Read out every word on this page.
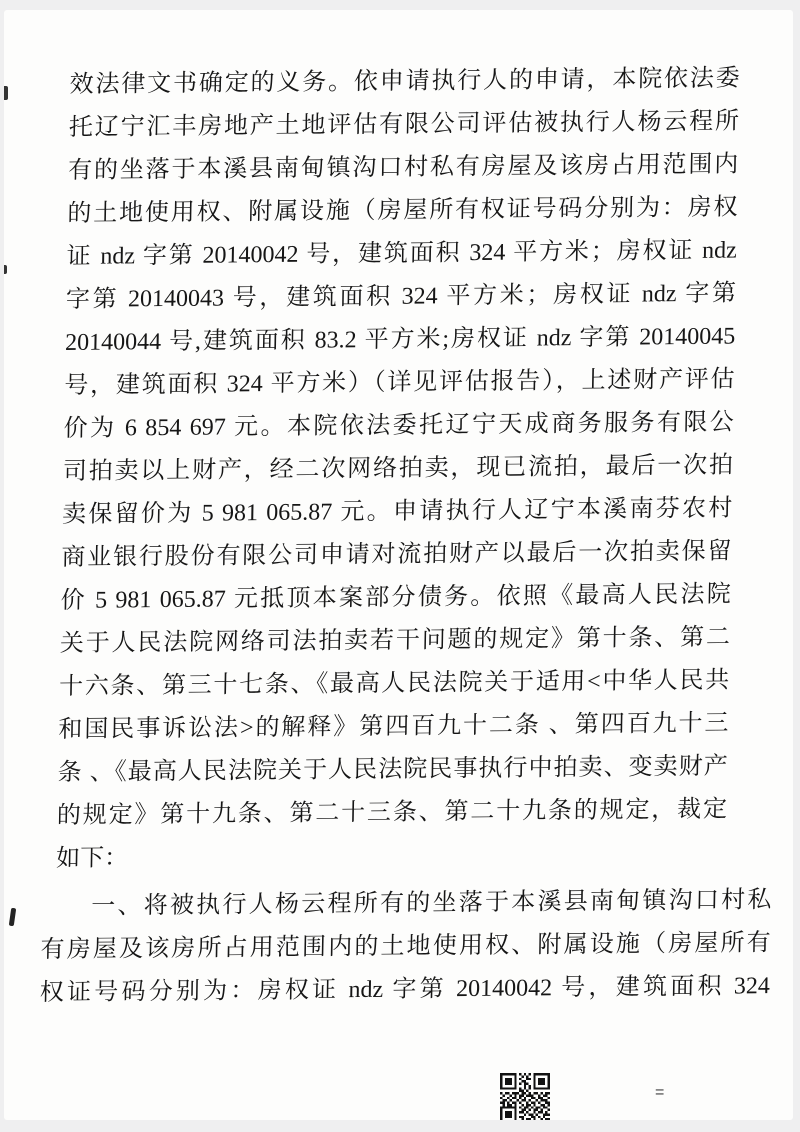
效法律文书确定的义务。依申请执行人的申请，本院依法委
托辽宁汇丰房地产土地评估有限公司评估被执行人杨云程所
有的坐落于本溪县南甸镇沟口村私有房屋及该房占用范围内
的土地使用权、附属设施（房屋所有权证号码分别为：房权
证 ndz 字第 20140042 号，建筑面积 324 平方米；房权证 ndz
字第 20140043 号，建筑面积 324 平方米；房权证 ndz 字第
20140044 号,建筑面积 83.2 平方米;房权证 ndz 字第 20140045
号，建筑面积 324 平方米）（详见评估报告），上述财产评估
价为 6 854 697 元。本院依法委托辽宁天成商务服务有限公
司拍卖以上财产，经二次网络拍卖，现已流拍，最后一次拍
卖保留价为 5 981 065.87 元。申请执行人辽宁本溪南芬农村
商业银行股份有限公司申请对流拍财产以最后一次拍卖保留
价 5 981 065.87 元抵顶本案部分债务。依照《最高人民法院
关于人民法院网络司法拍卖若干问题的规定》第十条、第二
十六条、第三十七条、《最高人民法院关于适用<中华人民共
和国民事诉讼法>的解释》第四百九十二条 、第四百九十三
条 、《最高人民法院关于人民法院民事执行中拍卖、变卖财产
的规定》第十九条、第二十三条、第二十九条的规定，裁定
如下：
一、将被执行人杨云程所有的坐落于本溪县南甸镇沟口村私
有房屋及该房所占用范围内的土地使用权、附属设施（房屋所有
权证号码分别为：房权证 ndz 字第 20140042 号，建筑面积 324
=
